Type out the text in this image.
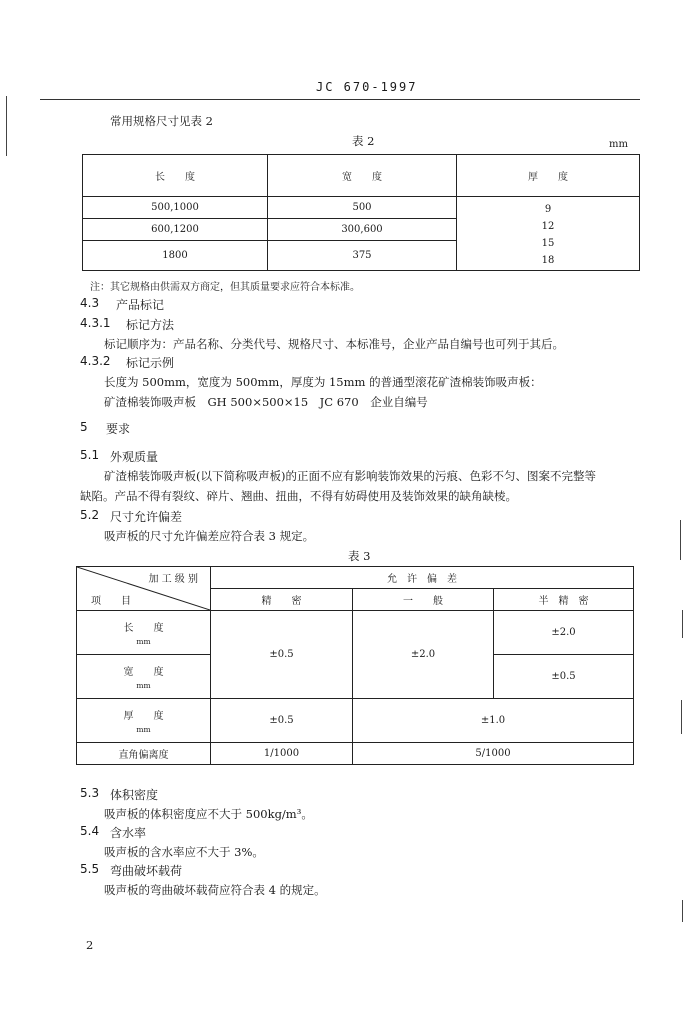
JC 670-1997
常用规格尺寸见表 2
表 2	mm
长　　度	宽　　度	厚　　度
500,1000	500	9
12
15
18

600,1200	300,600	
1800	375	
注：其它规格由供需双方商定，但其质量要求应符合本标准。
4.3 产品标记
4.3.1 标记方法
标记顺序为：产品名称、分类代号、规格尺寸、本标准号，企业产品自编号也可列于其后。
4.3.2 标记示例
长度为 500mm，宽度为 500mm，厚度为 15mm 的普通型滚花矿渣棉装饰吸声板：
矿渣棉装饰吸声板　GH 500×500×15　JC 670　企业自编号
5 要求
5.1 外观质量
矿渣棉装饰吸声板(以下简称吸声板)的正面不应有影响装饰效果的污痕、色彩不匀、图案不完整等
缺陷。产品不得有裂纹、碎片、翘曲、扭曲，不得有妨碍使用及装饰效果的缺角缺棱。
5.2 尺寸允许偏差
吸声板的尺寸允许偏差应符合表 3 规定。
表 3
加 工 级 别
项　　目	允　许　偏　差		
	精　　密	一　　般	半　精　密

长　　度
mm	±0.5	±2.0	±2.0

宽　　度
mm			±0.5

厚　　度
mm	±0.5	±1.0	
直角偏离度	1/1000	5/1000	
5.3 体积密度
吸声板的体积密度应不大于 500kg/m³。
5.4 含水率
吸声板的含水率应不大于 3%。
5.5 弯曲破坏载荷
吸声板的弯曲破坏载荷应符合表 4 的规定。
2
